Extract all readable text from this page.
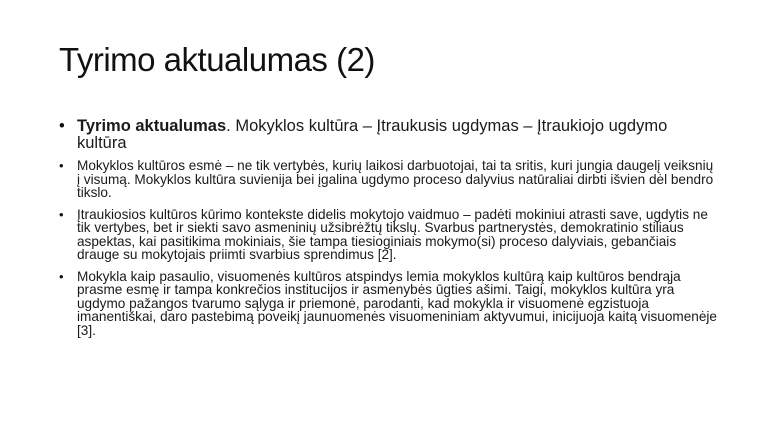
Tyrimo aktualumas (2)
• Tyrimo aktualumas. Mokyklos kultūra – Įtraukusis ugdymas – Įtraukiojo ugdymo kultūra
• Mokyklos kultūros esmė – ne tik vertybės, kurių laikosi darbuotojai, tai ta sritis, kuri jungia daugelį veiksnių į visumą. Mokyklos kultūra suvienija bei įgalina ugdymo proceso dalyvius natūraliai dirbti išvien dėl bendro tikslo.
• Įtraukiosios kultūros kūrimo kontekste didelis mokytojo vaidmuo – padėti mokiniui atrasti save, ugdytis ne tik vertybes, bet ir siekti savo asmeninių užsibrėžtų tikslų. Svarbus partnerystės, demokratinio stiliaus aspektas, kai pasitikima mokiniais, šie tampa tiesioginiais mokymo(si) proceso dalyviais, gebančiais drauge su mokytojais priimti svarbius sprendimus [2].
• Mokykla kaip pasaulio, visuomenės kultūros atspindys lemia mokyklos kultūrą kaip kultūros bendrąja prasme esmę ir tampa konkrečios institucijos ir asmenybės ūgties ašimi. Taigi, mokyklos kultūra yra ugdymo pažangos tvarumo sąlyga ir priemonė, parodanti, kad mokykla ir visuomenė egzistuoja imanentiškai, daro pastebimą poveikį jaunuomenės visuomeniniam aktyvumui, inicijuoja kaitą visuomenėje [3].
